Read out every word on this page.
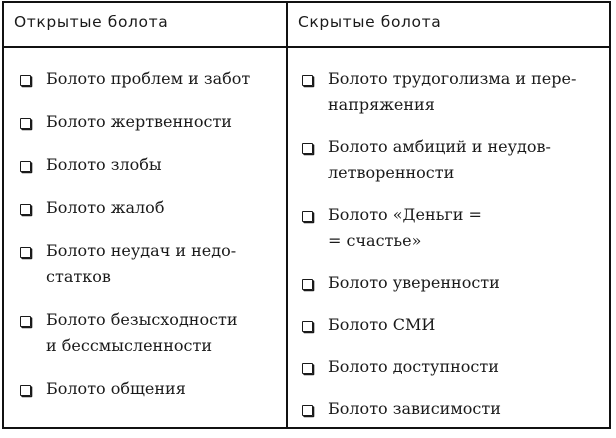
Открытые болота	Скрытые болота
Болото проблем и забот
Болото жертвенности
Болото злобы
Болото жалоб
Болото неудач и недо-
статков
Болото безысходности
и бессмысленности
Болото общения
Болото трудоголизма и пере-
напряжения
Болото амбиций и неудов-
летворенности
Болото «Деньги =
= счастье»
Болото уверенности
Болото СМИ
Болото доступности
Болото зависимости
